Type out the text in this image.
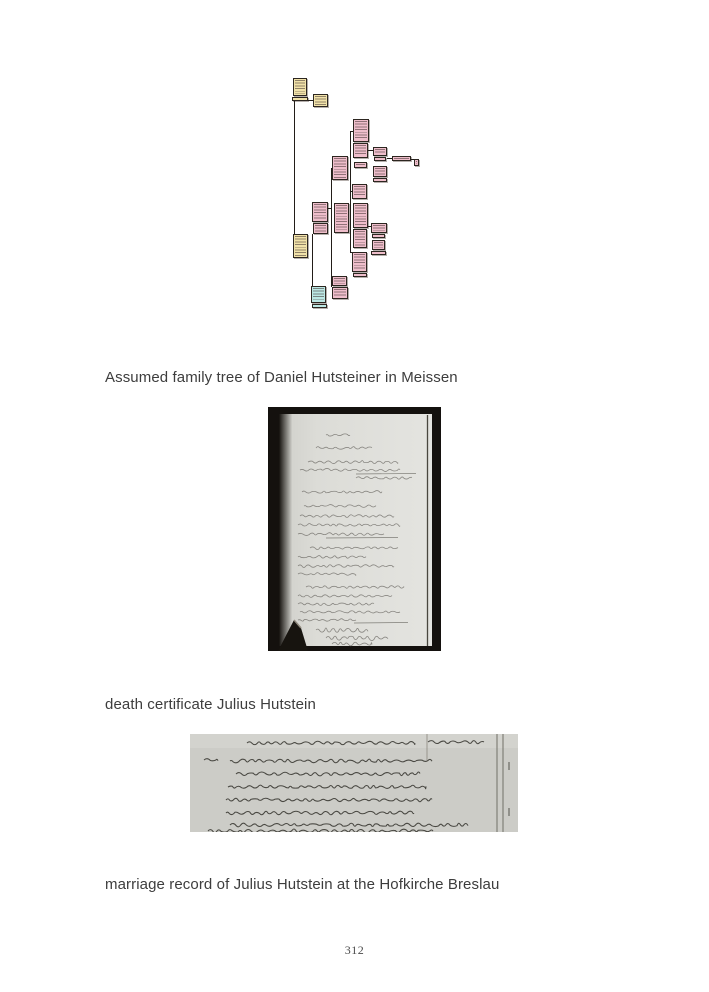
Assumed family tree of Daniel Hutsteiner in Meissen
death certificate Julius Hutstein
marriage record of Julius Hutstein at the Hofkirche Breslau
312
